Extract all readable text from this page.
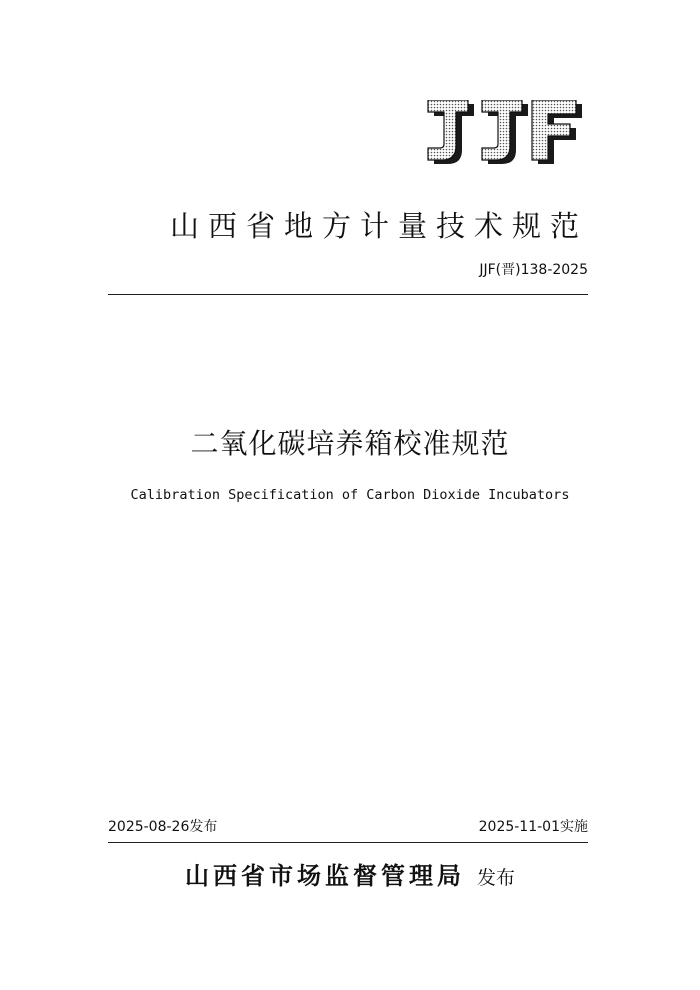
山西省地方计量技术规范
JJF(晋)138-2025
二氧化碳培养箱校准规范
Calibration Specification of Carbon Dioxide Incubators
2025-08-26发布	2025-11-01实施
山西省市场监督管理局 发布
